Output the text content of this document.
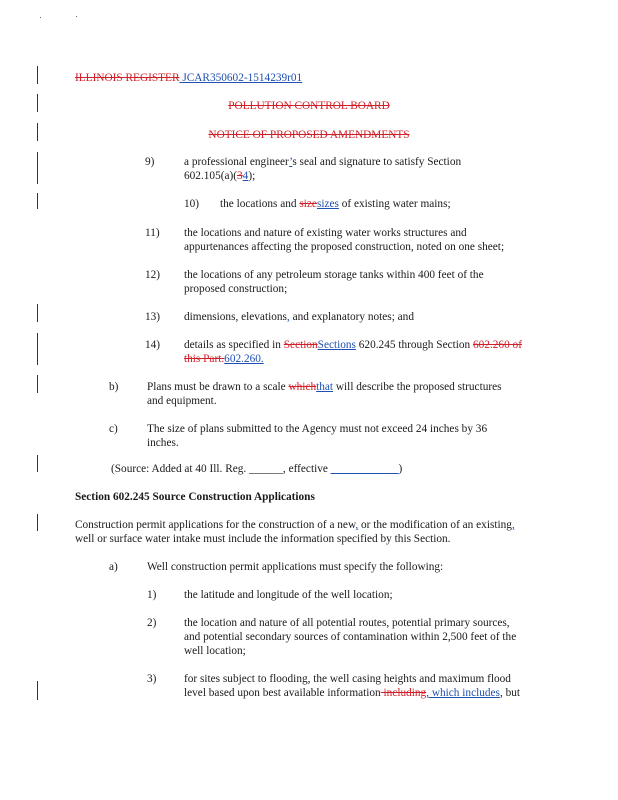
ILLINOIS REGISTER JCAR350602-1514239r01
POLLUTION CONTROL BOARD
NOTICE OF PROPOSED AMENDMENTS
9)	a professional engineer’s seal and signature to satisfy Section
602.105(a)(34);
10) the locations and sizesizes of existing water mains;
11) the locations and nature of existing water works structures and
appurtenances affecting the proposed construction, noted on one sheet;
12) the locations of any petroleum storage tanks within 400 feet of the
proposed construction;
13) dimensions, elevations, and explanatory notes; and
14) details as specified in SectionSections 620.245 through Section 602.260 of
this Part.602.260.
b)	Plans must be drawn to a scale whichthat will describe the proposed structures
and equipment.
c)	The size of plans submitted to the Agency must not exceed 24 inches by 36
inches.
(Source: Added at 40 Ill. Reg. ______, effective ____________)
Section 602.245 Source Construction Applications
Construction permit applications for the construction of a new, or the modification of an existing,
well or surface water intake must include the information specified by this Section.
a)	Well construction permit applications must specify the following:
1) the latitude and longitude of the well location;
2) the location and nature of all potential routes, potential primary sources,
and potential secondary sources of contamination within 2,500 feet of the
well location;
3) for sites subject to flooding, the well casing heights and maximum flood
level based upon best available information including, which includes, but
